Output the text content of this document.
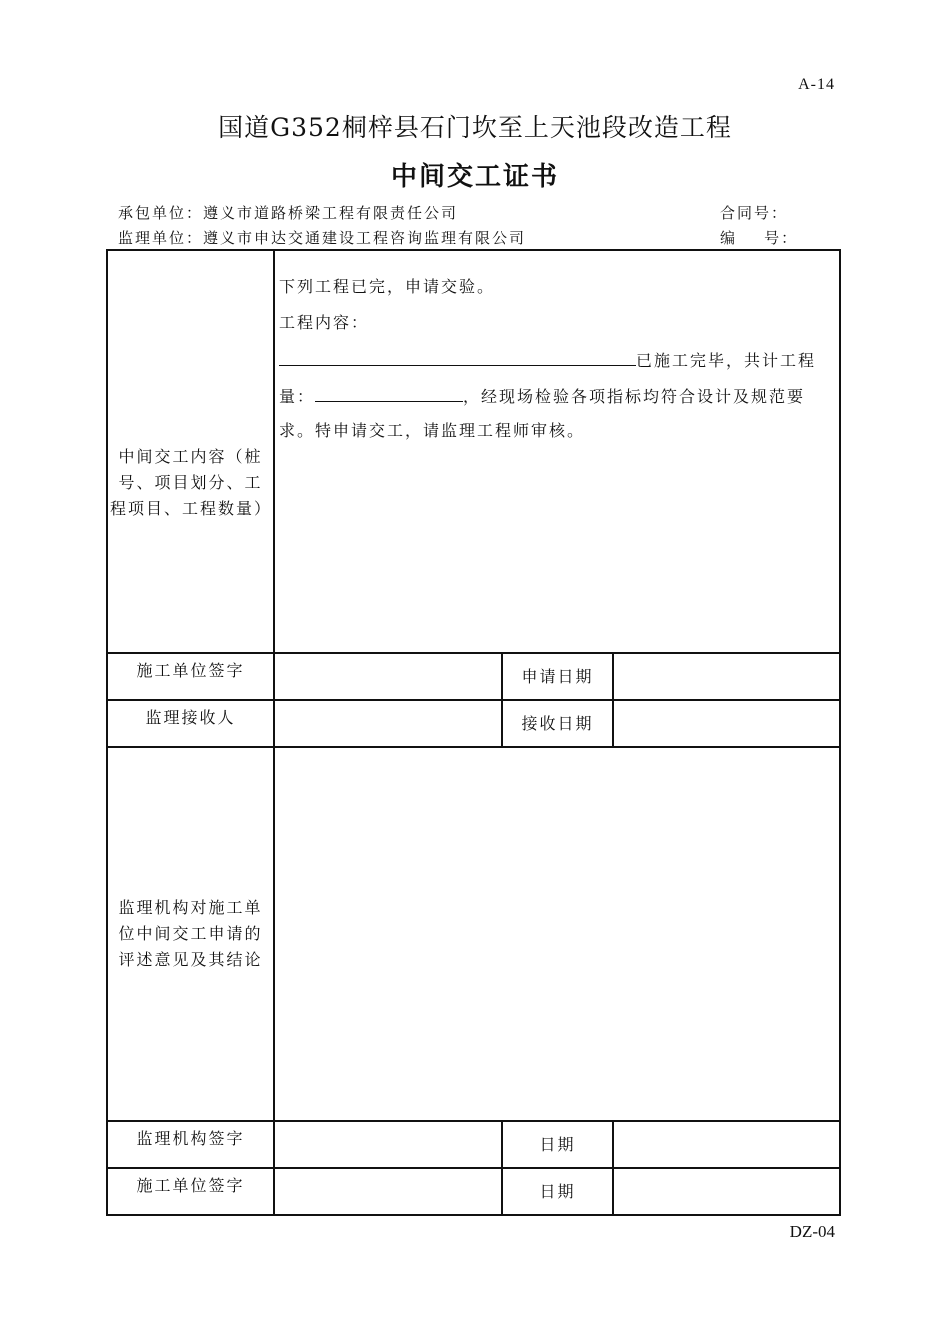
A-14
国道G352桐梓县石门坎至上天池段改造工程
中间交工证书
承包单位：遵义市道路桥梁工程有限责任公司	合同号：
监理单位：遵义市申达交通建设工程咨询监理有限公司	编    号：
中间交工内容（桩号、项目划分、工程项目、工程数量）	下列工程已完，申请交验。
工程内容：
已施工完毕，共计工程
量： ，经现场检验各项指标均符合设计及规范要
求。特申请交工，请监理工程师审核。		

施工单位签字		申请日期	
监理接收人		接收日期	

监理机构对施工单位中间交工申请的评述意见及其结论			

监理机构签字		日期	
施工单位签字		日期	
DZ-04
